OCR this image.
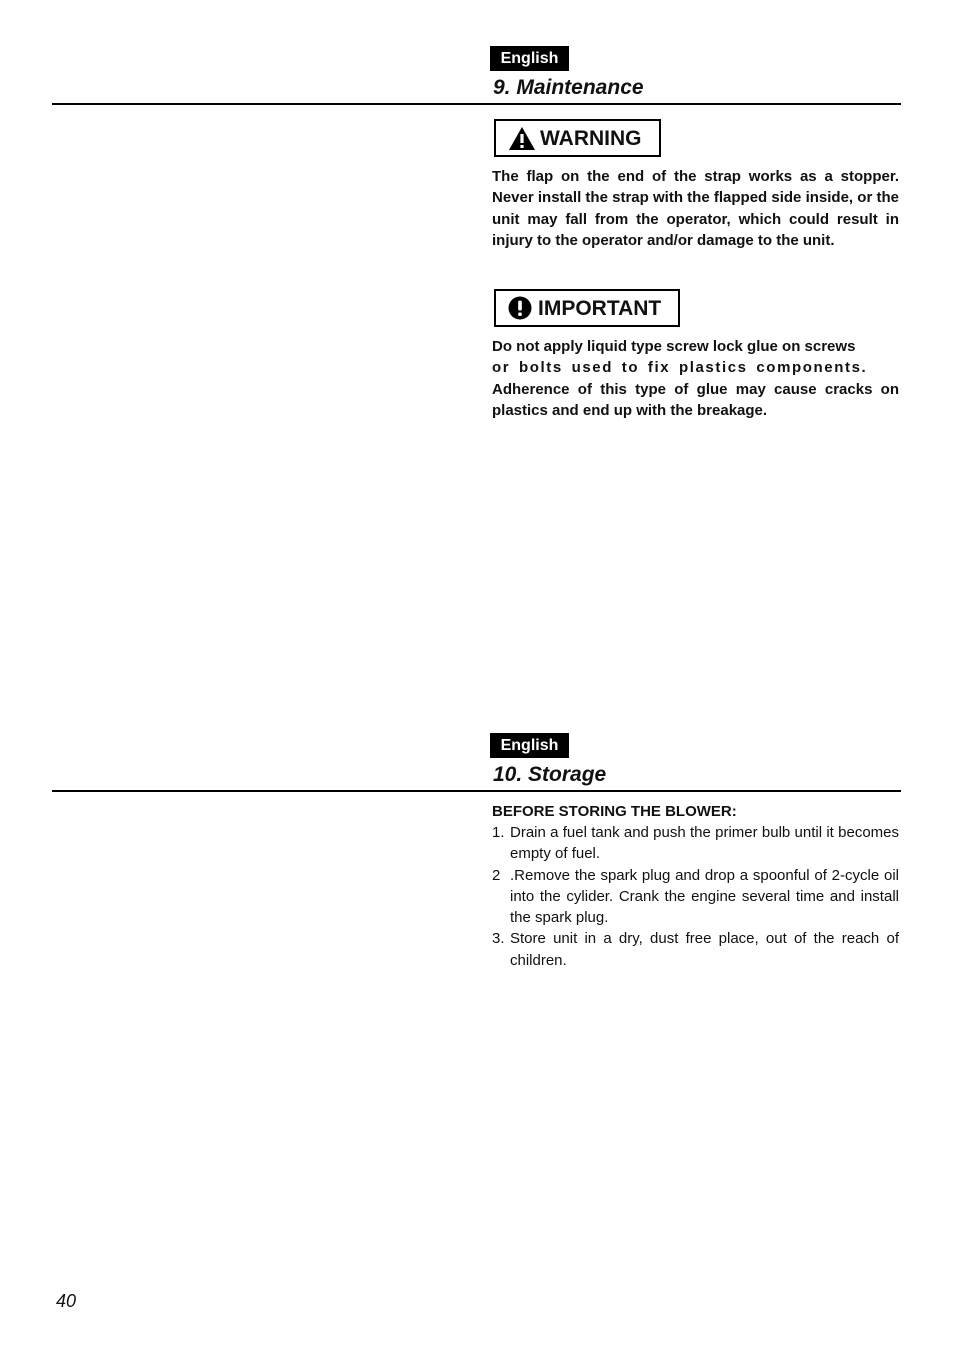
English
9. Maintenance
WARNING
The flap on the end of the strap works as a stopper. Never install the strap with the flapped side inside, or the unit may fall from the operator, which could result in injury to the operator and/or damage to the unit.
IMPORTANT
Do not apply liquid type screw lock glue on screws
or bolts used to fix plastics components.
Adherence of this type of glue may cause cracks on plastics and end up with the breakage.
English
10. Storage
BEFORE STORING THE BLOWER:
1. Drain a fuel tank and push the primer bulb until it becomes empty of fuel.
2 .Remove the spark plug and drop a spoonful of 2-cycle oil into the cylider. Crank the engine several time and install the spark plug.
3. Store unit in a dry, dust free place, out of the reach of children.
40
